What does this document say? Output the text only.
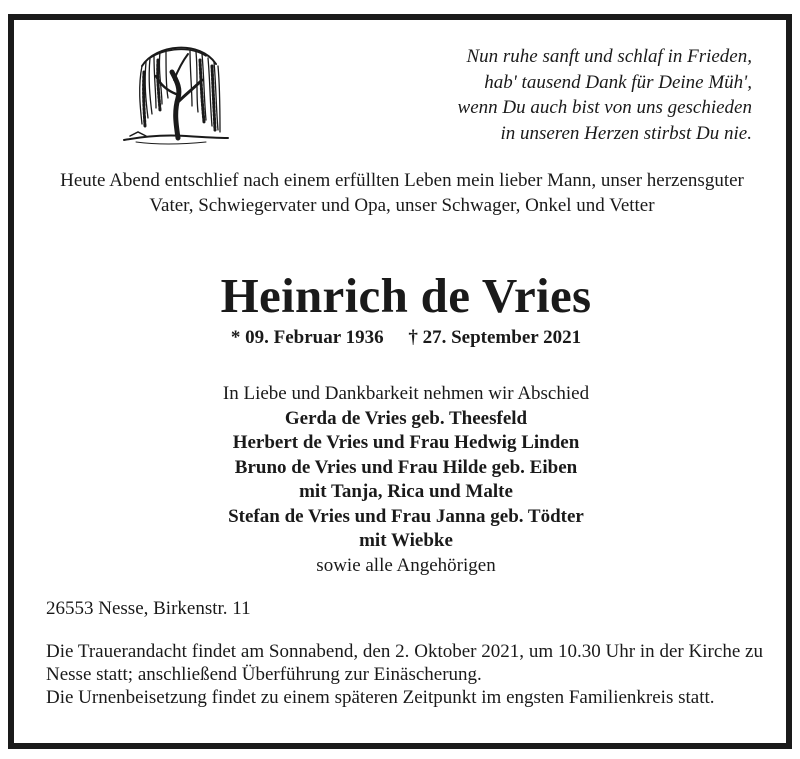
Nun ruhe sanft und schlaf in Frieden,
hab' tausend Dank für Deine Müh',
wenn Du auch bist von uns geschieden
in unseren Herzen stirbst Du nie.
Heute Abend entschlief nach einem erfüllten Leben mein lieber Mann, unser herzensguter Vater, Schwiegervater und Opa, unser Schwager, Onkel und Vetter
Heinrich de Vries
* 09. Februar 1936 † 27. September 2021
In Liebe und Dankbarkeit nehmen wir Abschied
Gerda de Vries geb. Theesfeld
Herbert de Vries und Frau Hedwig Linden
Bruno de Vries und Frau Hilde geb. Eiben
mit Tanja, Rica und Malte
Stefan de Vries und Frau Janna geb. Tödter
mit Wiebke
sowie alle Angehörigen
26553 Nesse, Birkenstr. 11

Die Trauerandacht findet am Sonnabend, den 2. Oktober 2021, um 10.30 Uhr in der Kirche zu Nesse statt; anschließend Überführung zur Einäscherung.

Die Urnenbeisetzung findet zu einem späteren Zeitpunkt im engsten Familienkreis statt.
